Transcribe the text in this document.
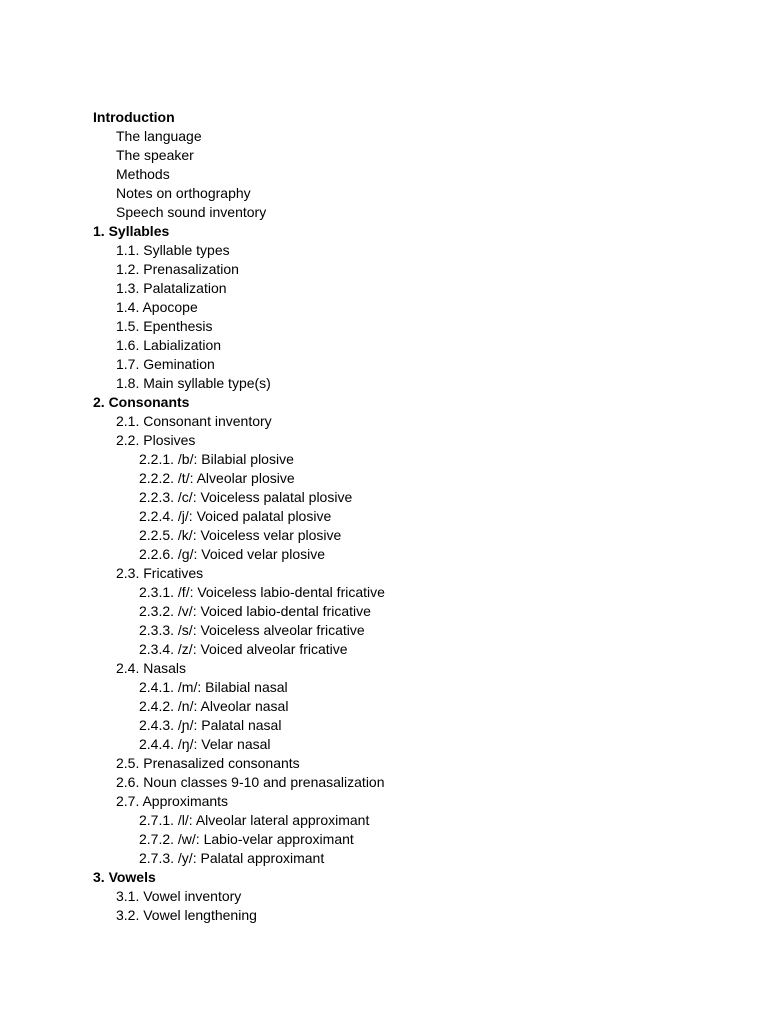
Introduction
The language
The speaker
Methods
Notes on orthography
Speech sound inventory
1. Syllables
1.1. Syllable types
1.2. Prenasalization
1.3. Palatalization
1.4. Apocope
1.5. Epenthesis
1.6. Labialization
1.7. Gemination
1.8. Main syllable type(s)
2. Consonants
2.1. Consonant inventory
2.2. Plosives
2.2.1. /b/: Bilabial plosive
2.2.2. /t/: Alveolar plosive
2.2.3. /c/: Voiceless palatal plosive
2.2.4. /j/: Voiced palatal plosive
2.2.5. /k/: Voiceless velar plosive
2.2.6. /g/: Voiced velar plosive
2.3. Fricatives
2.3.1. /f/: Voiceless labio-dental fricative
2.3.2. /v/: Voiced labio-dental fricative
2.3.3. /s/: Voiceless alveolar fricative
2.3.4. /z/: Voiced alveolar fricative
2.4. Nasals
2.4.1. /m/: Bilabial nasal
2.4.2. /n/: Alveolar nasal
2.4.3. /ɲ/: Palatal nasal
2.4.4. /ŋ/: Velar nasal
2.5. Prenasalized consonants
2.6. Noun classes 9-10 and prenasalization
2.7. Approximants
2.7.1. /l/: Alveolar lateral approximant
2.7.2. /w/: Labio-velar approximant
2.7.3. /y/: Palatal approximant
3. Vowels
3.1. Vowel inventory
3.2. Vowel lengthening
